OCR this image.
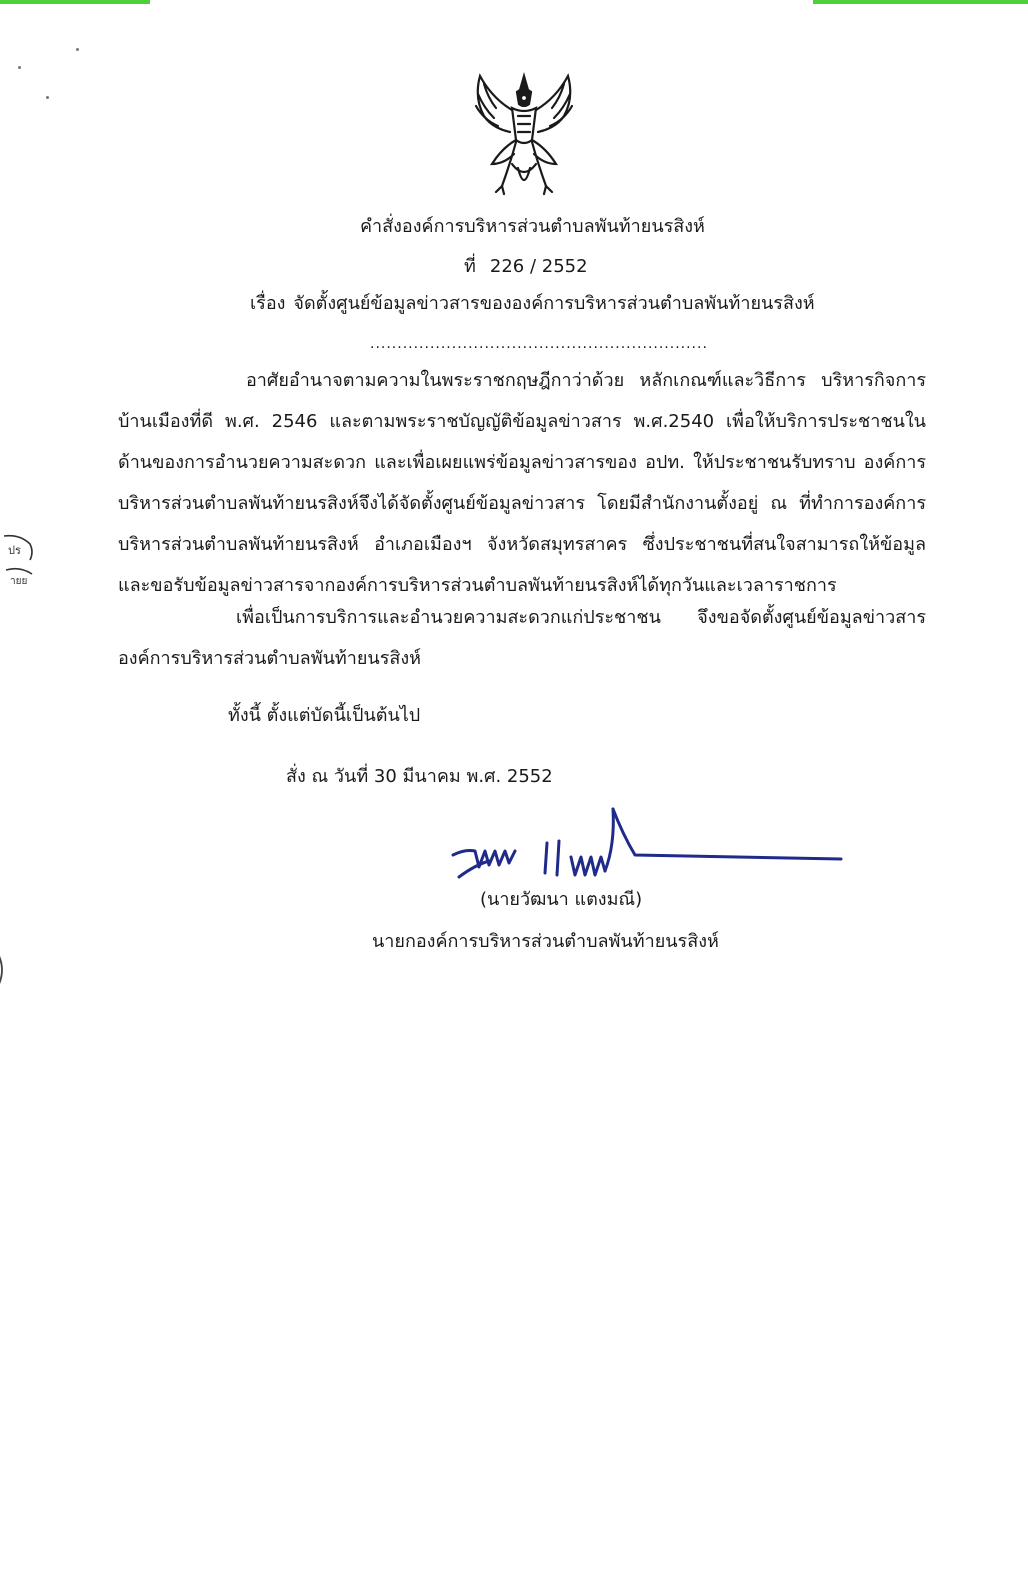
คำสั่งองค์การบริหารส่วนตำบลพันท้ายนรสิงห์
ที่ 226 / 2552
เรื่อง จัดตั้งศูนย์ข้อมูลข่าวสารขององค์การบริหารส่วนตำบลพันท้ายนรสิงห์
..............................................................
อาศัยอำนาจตามความในพระราชกฤษฎีกาว่าด้วย หลักเกณฑ์และวิธีการ บริหารกิจการบ้านเมืองที่ดี พ.ศ. 2546 และตามพระราชบัญญัติข้อมูลข่าวสาร พ.ศ.2540 เพื่อให้บริการประชาชนในด้านของการอำนวยความสะดวก และเพื่อเผยแพร่ข้อมูลข่าวสารของ อปท. ให้ประชาชนรับทราบ องค์การบริหารส่วนตำบลพันท้ายนรสิงห์จึงได้จัดตั้งศูนย์ข้อมูลข่าวสาร โดยมีสำนักงานตั้งอยู่ ณ ที่ทำการองค์การบริหารส่วนตำบลพันท้ายนรสิงห์ อำเภอเมืองฯ จังหวัดสมุทรสาคร ซึ่งประชาชนที่สนใจสามารถให้ข้อมูลและขอรับข้อมูลข่าวสารจากองค์การบริหารส่วนตำบลพันท้ายนรสิงห์ได้ทุกวันและเวลาราชการ
เพื่อเป็นการบริการและอำนวยความสะดวกแก่ประชาชน จึงขอจัดตั้งศูนย์ข้อมูลข่าวสารองค์การบริหารส่วนตำบลพันท้ายนรสิงห์
ทั้งนี้ ตั้งแต่บัดนี้เป็นต้นไป
สั่ง ณ วันที่ 30 มีนาคม พ.ศ. 2552
(นายวัฒนา แตงมณี)
นายกองค์การบริหารส่วนตำบลพันท้ายนรสิงห์
ปร
ายย
